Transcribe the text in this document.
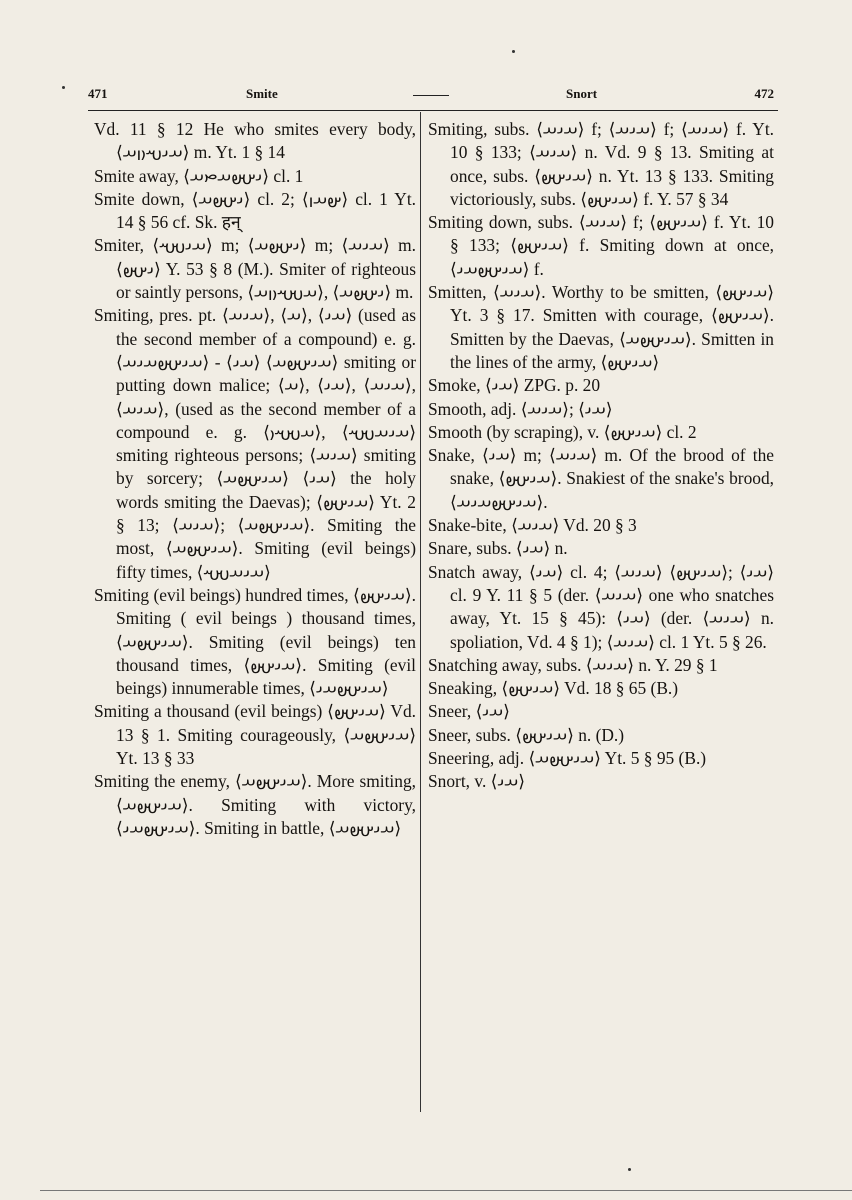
471	Smite	Snort	472

Vd. 11 § 12 He who smites every body, ⟨𐬀𐬌𐬱𐬎𐬥𐬀⟩ m. Yt. 1 § 14

Smite away, ⟨𐬌𐬀𐬵𐬀𐬙𐬀⟩ cl. 1

Smite down, ⟨𐬌𐬀𐬵𐬀⟩ cl. 2; ⟨𐬵𐬀𐬥⟩ cl. 1 Yt. 14 § 56 cf. Sk. हन्

Smiter, ⟨𐬀𐬌𐬱𐬀⟩ m; ⟨𐬌𐬀𐬵𐬀⟩ m; ⟨𐬀𐬌𐬀⟩ m. ⟨𐬌𐬀𐬵⟩ Y. 53 § 8 (M.). Smiter of righteous or saintly persons, ⟨𐬀𐬱𐬀𐬎𐬥𐬀⟩, ⟨𐬌𐬀𐬵𐬀⟩ m.

Smiting, pres. pt. ⟨𐬀𐬌𐬀⟩, ⟨𐬀⟩, ⟨𐬀𐬌⟩ (used as the second member of a compound) e. g. ⟨𐬀𐬌𐬀𐬵𐬀𐬌𐬀⟩ - ⟨𐬀𐬌⟩ ⟨𐬀𐬌𐬀𐬵𐬀⟩ smiting or putting down malice; ⟨𐬀⟩, ⟨𐬀𐬌⟩, ⟨𐬀𐬌𐬀⟩, ⟨𐬀𐬌𐬀⟩, (used as the second member of a compound e. g. ⟨𐬀𐬱𐬀𐬎⟩, ⟨𐬀𐬌𐬀𐬱𐬀⟩ smiting righteous persons; ⟨𐬀𐬌𐬀⟩ smiting by sorcery; ⟨𐬀𐬌𐬀𐬵𐬀⟩ ⟨𐬀𐬌⟩ the holy words smiting the Daevas); ⟨𐬀𐬌𐬀𐬵⟩ Yt. 2 § 13; ⟨𐬀𐬌𐬀⟩; ⟨𐬀𐬌𐬀𐬵𐬀⟩. Smiting the most, ⟨𐬀𐬌𐬀𐬵𐬀⟩. Smiting (evil beings) fifty times, ⟨𐬀𐬌𐬀𐬱𐬀⟩

Smiting (evil beings) hundred times, ⟨𐬀𐬌𐬀𐬵⟩. Smiting ( evil beings ) thousand times, ⟨𐬀𐬌𐬀𐬵𐬀⟩. Smiting (evil beings) ten thousand times, ⟨𐬀𐬌𐬀𐬵⟩. Smiting (evil beings) innumerable times, ⟨𐬀𐬌𐬀𐬵𐬀𐬌⟩

Smiting a thousand (evil beings) ⟨𐬀𐬌𐬀𐬵⟩ Vd. 13 § 1. Smiting courageously, ⟨𐬀𐬌𐬀𐬵𐬀⟩ Yt. 13 § 33

Smiting the enemy, ⟨𐬀𐬌𐬀𐬵𐬀⟩. More smiting, ⟨𐬀𐬌𐬀𐬵𐬀⟩. Smiting with victory, ⟨𐬀𐬌𐬀𐬵𐬀𐬌⟩. Smiting in battle, ⟨𐬀𐬌𐬀𐬵𐬀⟩

Smiting, subs. ⟨𐬀𐬌𐬀⟩ f; ⟨𐬀𐬌𐬀⟩ f; ⟨𐬀𐬌𐬀⟩ f. Yt. 10 § 133; ⟨𐬀𐬌𐬀⟩ n. Vd. 9 § 13. Smiting at once, subs. ⟨𐬀𐬌𐬀𐬵⟩ n. Yt. 13 § 133. Smiting victoriously, subs. ⟨𐬀𐬌𐬀𐬵⟩ f. Y. 57 § 34

Smiting down, subs. ⟨𐬀𐬌𐬀⟩ f; ⟨𐬀𐬌𐬀𐬵⟩ f. Yt. 10 § 133; ⟨𐬀𐬌𐬀𐬵⟩ f. Smiting down at once, ⟨𐬀𐬌𐬀𐬵𐬀𐬌⟩ f.

Smitten, ⟨𐬀𐬌𐬀⟩. Worthy to be smitten, ⟨𐬀𐬌𐬀𐬵⟩ Yt. 3 § 17. Smitten with courage, ⟨𐬀𐬌𐬀𐬵⟩. Smitten by the Daevas, ⟨𐬀𐬌𐬀𐬵𐬀⟩. Smitten in the lines of the army, ⟨𐬀𐬌𐬀𐬵⟩

Smoke, ⟨𐬀𐬌⟩ ZPG. p. 20

Smooth, adj. ⟨𐬀𐬌𐬀⟩; ⟨𐬀𐬌⟩

Smooth (by scraping), v. ⟨𐬀𐬌𐬀𐬵⟩ cl. 2

Snake, ⟨𐬀𐬌⟩ m; ⟨𐬀𐬌𐬀⟩ m. Of the brood of the snake, ⟨𐬀𐬌𐬀𐬵⟩. Snakiest of the snake's brood, ⟨𐬀𐬌𐬀𐬵𐬀𐬌𐬀⟩.

Snake-bite, ⟨𐬀𐬌𐬀⟩ Vd. 20 § 3

Snare, subs. ⟨𐬀𐬌⟩ n.

Snatch away, ⟨𐬀𐬌⟩ cl. 4; ⟨𐬀𐬌𐬀⟩ ⟨𐬀𐬌𐬀𐬵⟩; ⟨𐬀𐬌⟩ cl. 9 Y. 11 § 5 (der. ⟨𐬀𐬌𐬀⟩ one who snatches away, Yt. 15 § 45): ⟨𐬀𐬌⟩ (der. ⟨𐬀𐬌𐬀⟩ n. spoliation, Vd. 4 § 1); ⟨𐬀𐬌𐬀⟩ cl. 1 Yt. 5 § 26.

Snatching away, subs. ⟨𐬀𐬌𐬀⟩ n. Y. 29 § 1

Sneaking, ⟨𐬀𐬌𐬀𐬵⟩ Vd. 18 § 65 (B.)

Sneer, ⟨𐬀𐬌⟩

Sneer, subs. ⟨𐬀𐬌𐬀𐬵⟩ n. (D.)

Sneering, adj. ⟨𐬀𐬌𐬀𐬵𐬀⟩ Yt. 5 § 95 (B.)

Snort, v. ⟨𐬀𐬌⟩
